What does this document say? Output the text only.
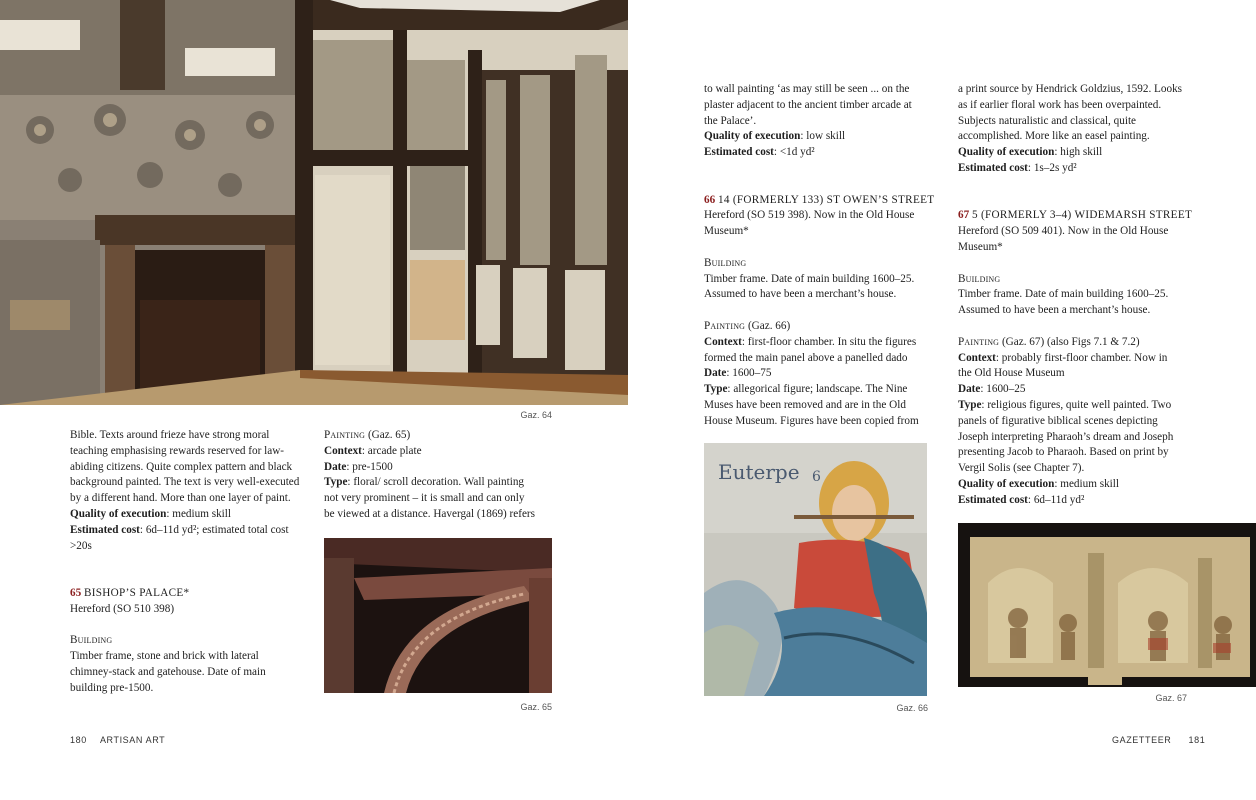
Gaz. 64

Bible. Texts around frieze have strong moral

teaching emphasising rewards reserved for law-

abiding citizens. Quite complex pattern and black

background painted. The text is very well-executed

by a different hand. More than one layer of paint.

Quality of execution: medium skill

Estimated cost: 6d–11d yd²; estimated total cost

>20s

65 BISHOP’S PALACE*

Hereford (SO 510 398)

Building

Timber frame, stone and brick with lateral

chimney-stack and gatehouse. Date of main

building pre-1500.

Painting (Gaz. 65)

Context: arcade plate

Date: pre-1500

Type: floral/ scroll decoration. Wall painting

not very prominent – it is small and can only

be viewed at a distance. Havergal (1869) refers

Gaz. 65
180 ARTISAN ART

to wall painting ‘as may still be seen ... on the

plaster adjacent to the ancient timber arcade at

the Palace’.

Quality of execution: low skill

Estimated cost: <1d yd²

66 14 (FORMERLY 133) ST OWEN’S STREET

Hereford (SO 519 398). Now in the Old House

Museum*

Building

Timber frame. Date of main building 1600–25.

Assumed to have been a merchant’s house.

Painting (Gaz. 66)

Context: first-floor chamber. In situ the figures

formed the main panel above a panelled dado

Date: 1600–75

Type: allegorical figure; landscape. The Nine

Muses have been removed and are in the Old

House Museum. Figures have been copied from

Euterpe 6
Gaz. 66

a print source by Hendrick Goldzius, 1592. Looks

as if earlier floral work has been overpainted.

Subjects naturalistic and classical, quite

accomplished. More like an easel painting.

Quality of execution: high skill

Estimated cost: 1s–2s yd²

67 5 (FORMERLY 3–4) WIDEMARSH STREET

Hereford (SO 509 401). Now in the Old House

Museum*

Building

Timber frame. Date of main building 1600–25.

Assumed to have been a merchant’s house.

Painting (Gaz. 67) (also Figs 7.1 & 7.2)

Context: probably first-floor chamber. Now in

the Old House Museum

Date: 1600–25

Type: religious figures, quite well painted. Two

panels of figurative biblical scenes depicting

Joseph interpreting Pharaoh’s dream and Joseph

presenting Jacob to Pharaoh. Based on print by

Vergil Solis (see Chapter 7).

Quality of execution: medium skill

Estimated cost: 6d–11d yd²

Gaz. 67
GAZETTEER 181
